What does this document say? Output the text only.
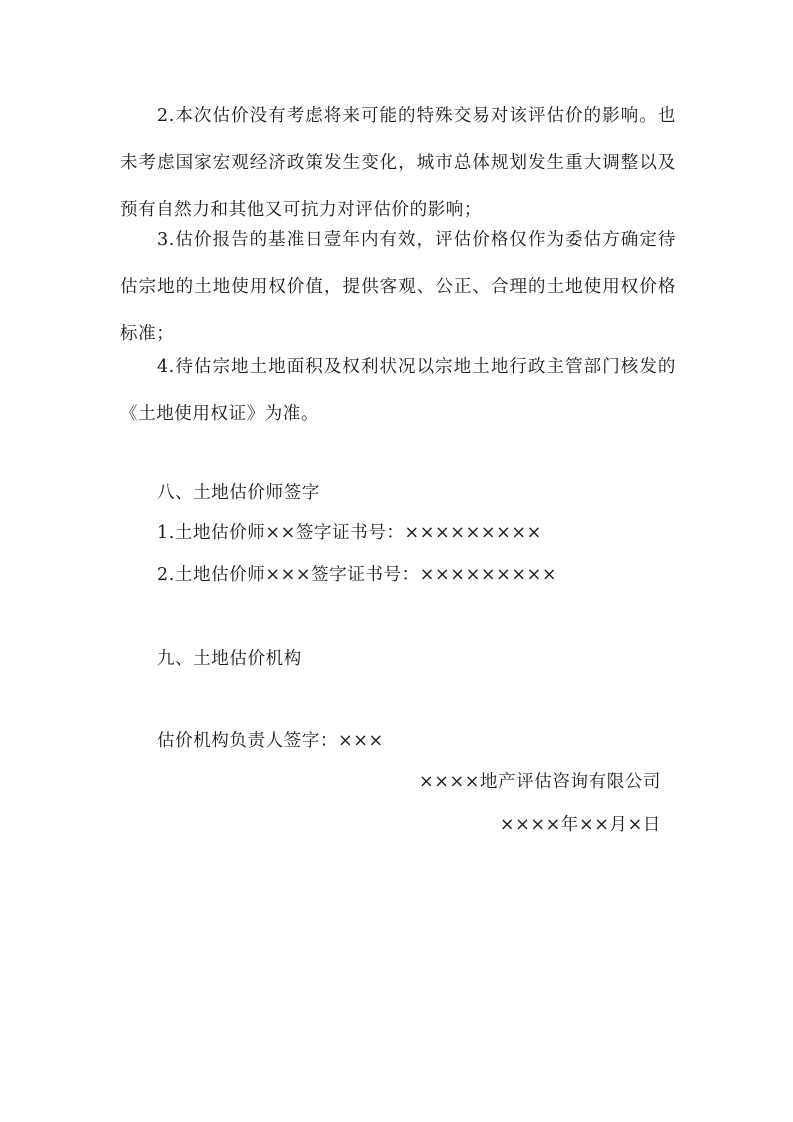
2.本次估价没有考虑将来可能的特殊交易对该评估价的影响。也未考虑国家宏观经济政策发生变化，城市总体规划发生重大调整以及预有自然力和其他又可抗力对评估价的影响；

3.估价报告的基准日壹年内有效，评估价格仅作为委估方确定待估宗地的土地使用权价值，提供客观、公正、合理的土地使用权价格标准；

4.待估宗地土地面积及权利状况以宗地土地行政主管部门核发的《土地使用权证》为准。

八、土地估价师签字
1.土地估价师××签字证书号：×××××××××
2.土地估价师×××签字证书号：×××××××××
九、土地估价机构
估价机构负责人签字：×××
××××地产评估咨询有限公司
××××年××月×日
